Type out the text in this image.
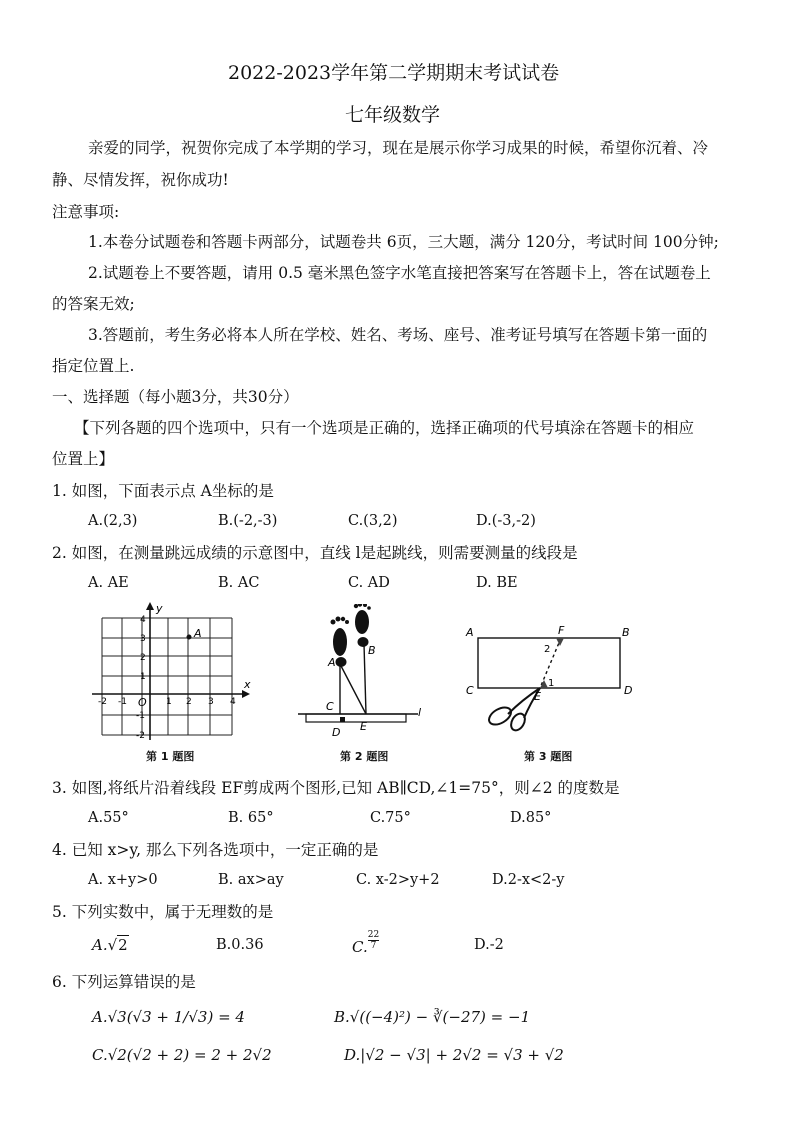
2022-2023学年第二学期期末考试试卷
七年级数学
亲爱的同学，祝贺你完成了本学期的学习，现在是展示你学习成果的时候，希望你沉着、冷
静、尽情发挥，祝你成功!
注意事项:
1.本卷分试题卷和答题卡两部分，试题卷共 6页，三大题，满分 120分，考试时间 100分钟;
2.试题卷上不要答题，请用 0.5 毫米黑色签字水笔直接把答案写在答题卡上，答在试题卷上
的答案无效;
3.答题前，考生务必将本人所在学校、姓名、考场、座号、准考证号填写在答题卡第一面的
指定位置上.
一、选择题（每小题3分，共30分）
【下列各题的四个选项中，只有一个选项是正确的，选择正确项的代号填涂在答题卡的相应
位置上】
1. 如图，下面表示点 A坐标的是
A.(2,3)	B.(-2,-3)	C.(3,2)	D.(-3,-2)
2. 如图，在测量跳远成绩的示意图中，直线 l是起跳线，则需要测量的线段是
A. AE	B. AC	C. AD	D. BE
y
x
O
A
-2 -1	1 2 3 4
4
3
2
1
-1
-2
第 1 题图
A
B
C
D E
l
第 2 题图
A	B
C	D
E
F
1
2
第 3 题图
3. 如图,将纸片沿着线段 EF剪成两个图形,已知 AB∥CD,∠1=75°，则∠2 的度数是
A.55°	B. 65°	C.75°	D.85°
4. 已知 x>y, 那么下列各选项中，一定正确的是
A. x+y>0	B. ax>ay	C. x-2>y+2	D.2-x<2-y
5. 下列实数中，属于无理数的是
A.√2	B.0.36	C. $\frac{22}{7}$	D.-2
6. 下列运算错误的是
A.√3(√3 + 1/√3) = 4	B.√((−4)²) − ∛(−27) = −1
C.√2(√2 + 2) = 2 + 2√2	D.|√2 − √3| + 2√2 = √3 + √2
